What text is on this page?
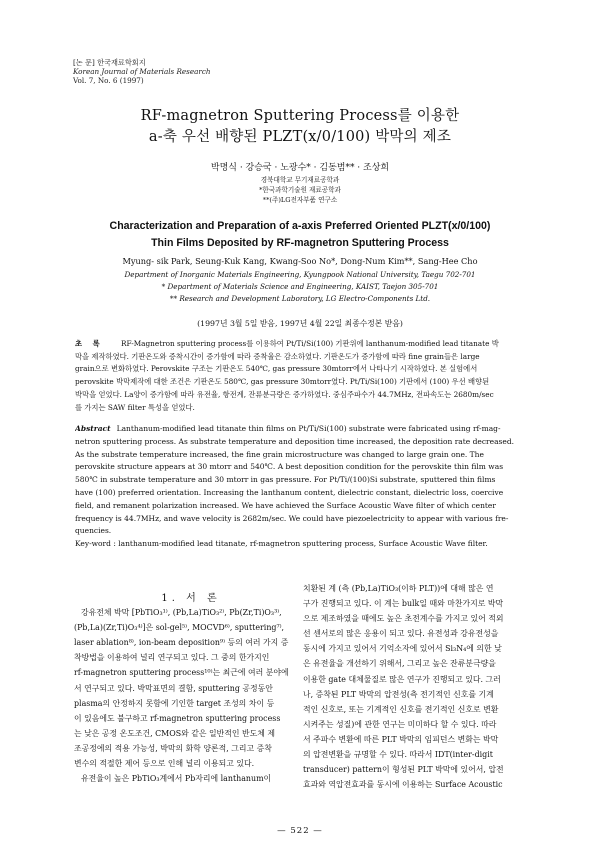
[논 문] 한국재료학회지
Korean Journal of Materials Research
Vol. 7, No. 6 (1997)
RF-magnetron Sputtering Process를 이용한
a-축 우선 배향된 PLZT(x/0/100) 박막의 제조
박명식 · 강승국 · 노광수* · 김동범** · 조상희
경북대학교 무기재료공학과
*한국과학기술원 재료공학과
**(주)LG전자부품 연구소
Characterization and Preparation of a-axis Preferred Oriented PLZT(x/0/100)
Thin Films Deposited by RF-magnetron Sputtering Process
Myung- sik Park, Seung-Kuk Kang, Kwang-Soo No*, Dong-Num Kim**, Sang-Hee Cho
Department of Inorganic Materials Engineering, Kyungpook National University, Taegu 702-701
* Department of Materials Science and Engineering, KAIST, Taejon 305-701
** Research and Development Laboratory, LG Electro-Components Ltd.
(1997년 3월 5일 받음, 1997년 4월 22일 최종수정본 받음)
초 록 RF-Magnetron sputtering process를 이용하여 Pt/Ti/Si(100) 기판위에 lanthanum-modified lead titanate 박
막을 제작하였다. 기판온도와 증착시간이 증가함에 따라 증착율은 감소하였다. 기판온도가 증가함에 따라 fine grain들은 large
grain으로 변화하였다. Perovskite 구조는 기판온도 540℃, gas pressure 30mtorr에서 나타나기 시작하였다. 본 실험에서
perovskite 박막제작에 대한 조건은 기판온도 580℃, gas pressure 30mtorr였다. Pt/Ti/Si(100) 기판에서 (100) 우선 배향된
박막을 얻었다. La양이 증가함에 따라 유전율, 항전계, 잔류분극량은 증가하였다. 중심주파수가 44.7MHz, 전파속도는 2680m/sec
를 가지는 SAW filter 특성을 얻었다.
Abstract Lanthanum-modified lead titanate thin films on Pt/Ti/Si(100) substrate were fabricated using rf-mag-
netron sputtering process. As substrate temperature and deposition time increased, the deposition rate decreased.
As the substrate temperature increased, the fine grain microstructure was changed to large grain one. The
perovskite structure appears at 30 mtorr and 540℃. A best deposition condition for the perovskite thin film was
580℃ in substrate temperature and 30 mtorr in gas pressure. For Pt/Ti/(100)Si substrate, sputtered thin films
have (100) preferred orientation. Increasing the lanthanum content, dielectric constant, dielectric loss, coercive
field, and remanent polarization increased. We have achieved the Surface Acoustic Wave filter of which center
frequency is 44.7MHz, and wave velocity is 2682m/sec. We could have piezoelectricity to appear with various fre-
quencies.
Key-word : lanthanum-modified lead titanate, rf-magnetron sputtering process, Surface Acoustic Wave filter.
1. 서 론

강유전체 박막 [PbTiO₃¹⁾, (Pb,La)TiO₃²⁾, Pb(Zr,Ti)O₃³⁾,
(Pb,La)(Zr,Ti)O₃⁴⁾]은 sol-gel⁵⁾, MOCVD⁶⁾, sputtering⁷⁾,
laser ablation⁸⁾, ion-beam deposition⁹⁾ 등의 여러 가지 증
착방법을 이용하여 널리 연구되고 있다. 그 중의 한가지인
rf-magnetron sputtering process¹⁰⁾는 최근에 여러 분야에
서 연구되고 있다. 박막표면의 결함, sputtering 공정동안
plasma의 안정하지 못함에 기인한 target 조성의 차이 등
이 있음에도 불구하고 rf-magnetron sputtering process
는 낮은 공정 온도조건, CMOS와 같은 일반적인 반도체 제
조공정에의 적용 가능성, 박막의 화학 양론적, 그리고 증착
변수의 적절한 제어 등으로 인해 널리 이용되고 있다.
유전율이 높은 PbTiO₃계에서 Pb자리에 lanthanum이
치환된 계 (측 (Pb,La)TiO₃(이하 PLT))에 대해 많은 연
구가 진행되고 있다. 이 계는 bulk일 때와 마찬가지로 박막
으로 제조하였을 때에도 높은 초전계수를 가지고 있어 적외
선 센서로의 많은 응용이 되고 있다. 유전성과 강유전성을
동시에 가지고 있어서 기억소자에 있어서 Si₃N₄에 의한 낮
은 유전율을 개선하기 위해서, 그리고 높은 잔류분극량을
이용한 gate 대체물질로 많은 연구가 진행되고 있다. 그러
나, 증착된 PLT 박막의 압전성(측 전기적인 신호를 기계
적인 신호로, 또는 기계적인 신호를 전기적인 신호로 변환
시켜주는 성질)에 관한 연구는 미미하다 할 수 있다. 따라
서 주파수 변환에 따른 PLT 박막의 임피던스 변화는 박막
의 압전변환을 규명할 수 있다. 따라서 IDT(inter-digit
transducer) pattern이 형성된 PLT 박막에 있어서, 압전
효과와 역압전효과를 동시에 이용하는 Surface Acoustic
— 522 —
